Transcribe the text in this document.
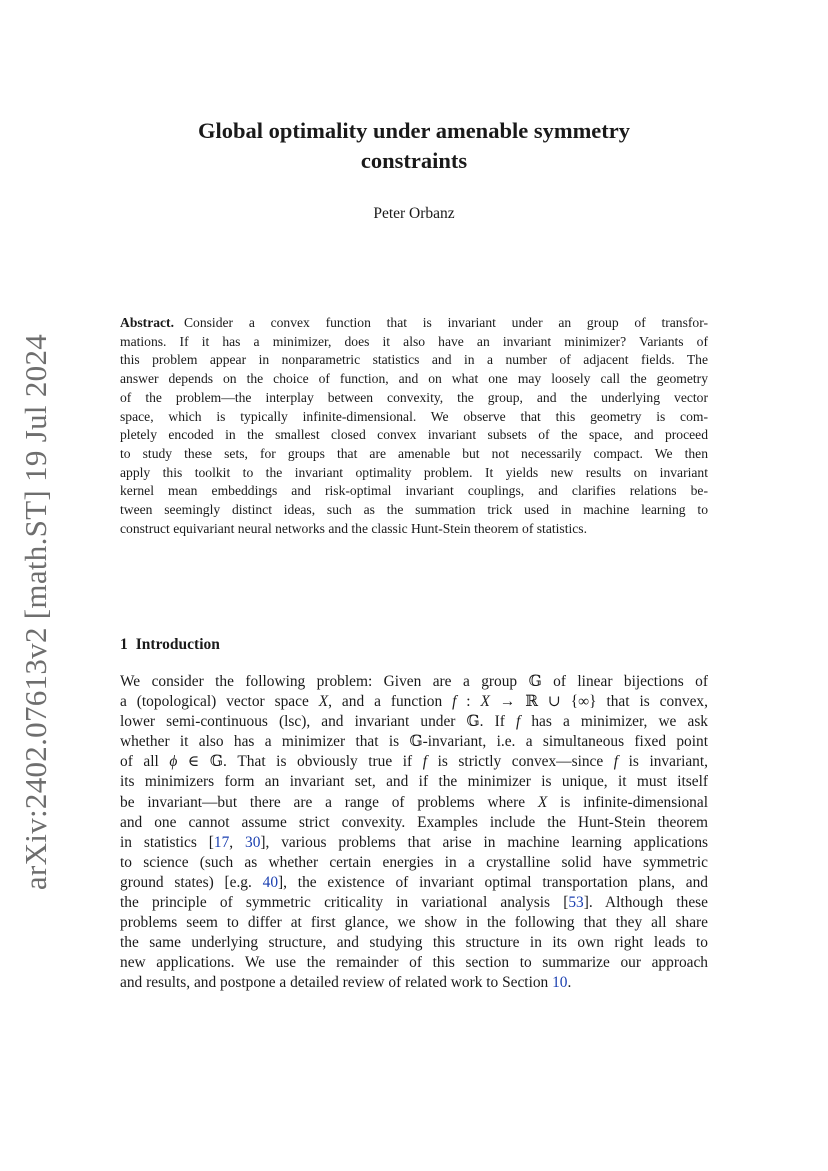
arXiv:2402.07613v2 [math.ST] 19 Jul 2024
Global optimality under amenable symmetry
constraints
Peter Orbanz
Abstract. Consider a convex function that is invariant under an group of transfor-
mations. If it has a minimizer, does it also have an invariant minimizer? Variants of
this problem appear in nonparametric statistics and in a number of adjacent fields. The
answer depends on the choice of function, and on what one may loosely call the geometry
of the problem—the interplay between convexity, the group, and the underlying vector
space, which is typically infinite-dimensional. We observe that this geometry is com-
pletely encoded in the smallest closed convex invariant subsets of the space, and proceed
to study these sets, for groups that are amenable but not necessarily compact. We then
apply this toolkit to the invariant optimality problem. It yields new results on invariant
kernel mean embeddings and risk-optimal invariant couplings, and clarifies relations be-
tween seemingly distinct ideas, such as the summation trick used in machine learning to
construct equivariant neural networks and the classic Hunt-Stein theorem of statistics.
1 Introduction
We consider the following problem: Given are a group 𝔾 of linear bijections of
a (topological) vector space X, and a function f : X → ℝ ∪ {∞} that is convex,
lower semi-continuous (lsc), and invariant under 𝔾. If f has a minimizer, we ask
whether it also has a minimizer that is 𝔾-invariant, i.e. a simultaneous fixed point
of all ϕ ∈ 𝔾. That is obviously true if f is strictly convex—since f is invariant,
its minimizers form an invariant set, and if the minimizer is unique, it must itself
be invariant—but there are a range of problems where X is infinite-dimensional
and one cannot assume strict convexity. Examples include the Hunt-Stein theorem
in statistics [17, 30], various problems that arise in machine learning applications
to science (such as whether certain energies in a crystalline solid have symmetric
ground states) [e.g. 40], the existence of invariant optimal transportation plans, and
the principle of symmetric criticality in variational analysis [53]. Although these
problems seem to differ at first glance, we show in the following that they all share
the same underlying structure, and studying this structure in its own right leads to
new applications. We use the remainder of this section to summarize our approach
and results, and postpone a detailed review of related work to Section 10.
